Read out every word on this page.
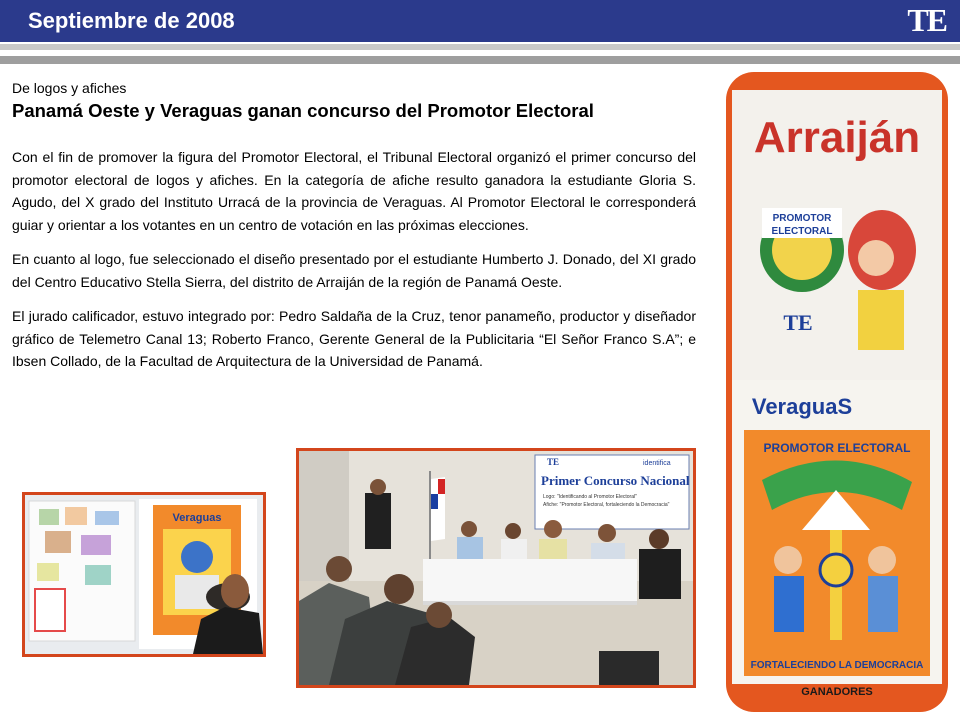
Septiembre de 2008	TE
De logos y afiches
Panamá Oeste y Veraguas ganan concurso del Promotor Electoral

Con el fin de promover la figura del Promotor Electoral, el Tribunal Electoral organizó el primer concurso del promotor electoral de logos y afiches. En la categoría de afiche resulto ganadora la estudiante Gloria S. Agudo, del X grado del Instituto Urracá de la provincia de Veraguas. Al Promotor Electoral le corresponderá guiar y orientar a los votantes en un centro de votación en las próximas elecciones.

En cuanto al logo, fue seleccionado el diseño presentado por el estudiante Humberto J. Donado, del XI grado del Centro Educativo Stella Sierra, del distrito de Arraiján de la región de Panamá Oeste.

El jurado calificador, estuvo integrado por: Pedro Saldaña de la Cruz, tenor panameño, productor y diseñador gráfico de Telemetro Canal 13; Roberto Franco, Gerente General de la Publicitaria “El Señor Franco S.A”; e Ibsen Collado, de la Facultad de Arquitectura de la Universidad de Panamá.

Veraguas
TE	identifica
Primer Concurso Nacional
Logo: "Identificando al Promotor Electoral"
Afiche: "Promotor Electoral, fortaleciendo la Democracia"
Arraiján
PROMOTOR
ELECTORAL
TE
VeraguaS
PROMOTOR ELECTORAL
FORTALECIENDO LA DEMOCRACIA
GANADORES
